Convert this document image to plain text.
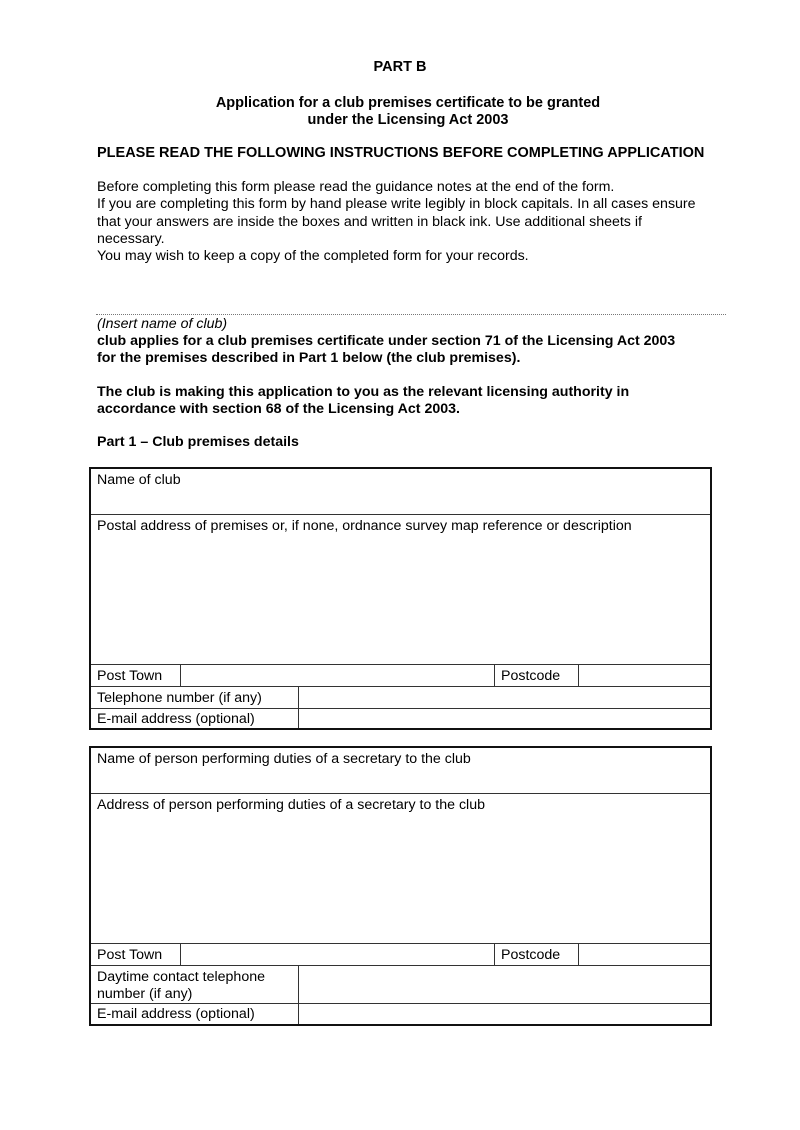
PART B
Application for a club premises certificate to be granted
under the Licensing Act 2003
PLEASE READ THE FOLLOWING INSTRUCTIONS BEFORE COMPLETING APPLICATION
Before completing this form please read the guidance notes at the end of the form.
If you are completing this form by hand please write legibly in block capitals. In all cases ensure
that your answers are inside the boxes and written in black ink. Use additional sheets if
necessary.
You may wish to keep a copy of the completed form for your records.
(Insert name of club)
club applies for a club premises certificate under section 71 of the Licensing Act 2003
for the premises described in Part 1 below (the club premises).
The club is making this application to you as the relevant licensing authority in
accordance with section 68 of the Licensing Act 2003.
Part 1 – Club premises details
Name of club
Postal address of premises or, if none, ordnance survey map reference or description
Post Town	Postcode
Telephone number (if any)
E-mail address (optional)
Name of person performing duties of a secretary to the club
Address of person performing duties of a secretary to the club
Post Town	Postcode
Daytime contact telephone
number (if any)
E-mail address (optional)
